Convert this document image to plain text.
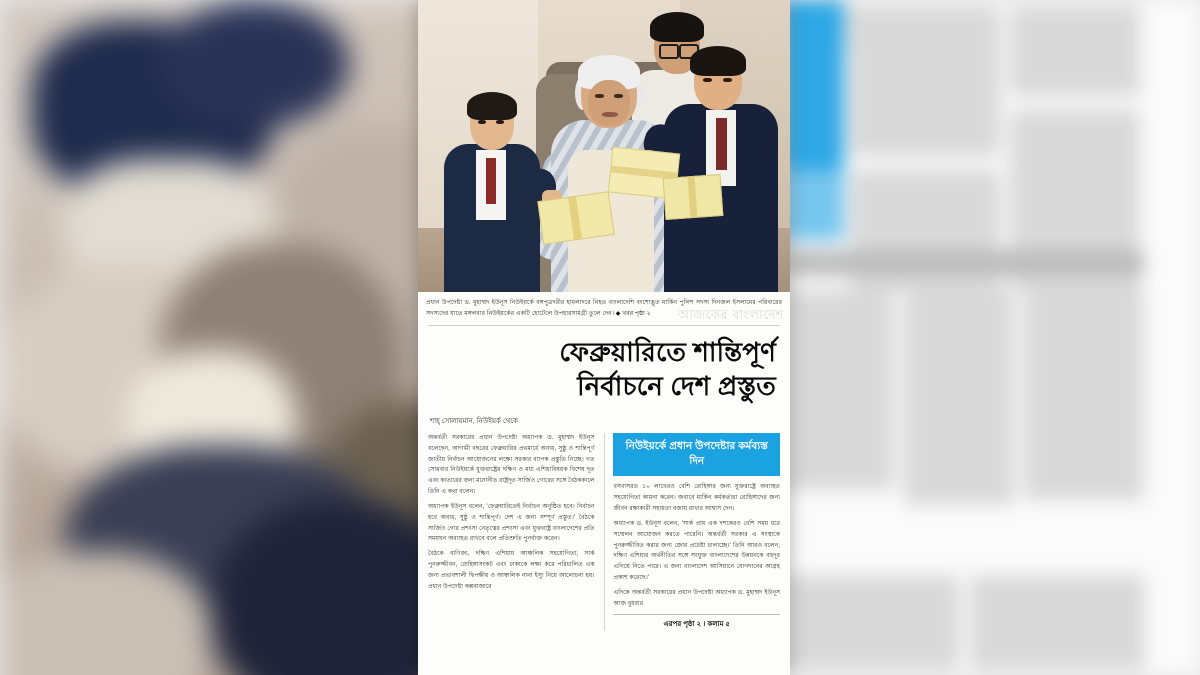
প্রধান উপদেষ্টা ড. মুহাম্মদ ইউনূস নিউইয়র্কে বঙ্গপুত্রদরীর হামলাদরে নিহত বাংলাদেশি বংশোদ্ভূত মার্কিন পুলিশ সদস্য দিনজল ইসলামের পরিবারের সদস্যদের যাতে মঙ্গলবার নিউইয়র্কের একটি হোটেলে উপহারসামগ্রী তুলে দেন। ◆ খবর পৃষ্ঠা ২ আজকের বাংলাদেশ
ফেব্রুয়ারিতে শান্তিপূর্ণ
নির্বাচনে দেশ প্রস্তুত
শাহ্‌ সোলায়মান, নিউইয়র্ক থেকে

অন্তর্বর্তী সরকারের প্রধান উপদেষ্টা অধ্যাপক ড. মুহাম্মদ ইউনূস বলেছেন, আগামী বছরের ফেব্রুয়ারির প্রথমার্ধে অবাধ, সুষ্ঠু ও শান্তিপূর্ণ জাতীয় নির্বাচন আয়োজনের লক্ষ্যে সরকার ব্যাপক প্রস্তুতি নিচ্ছে। গত সোমবার নিউইয়র্কে যুক্তরাষ্ট্রের দক্ষিণ ও মধ্য এশিয়াবিষয়ক বিশেষ দূত এবং কাতারের জন্য মনোনীত রাষ্ট্রদূত সার্জিও গোরের সঙ্গে বৈঠককালে তিনি এ কথা বলেন।

অধ্যাপক ইউনূস বলেন, 'ফেব্রুয়ারিতেই নির্বাচন অনুষ্ঠিত হবে। নির্বাচন হবে অবাধ, সুষ্ঠু ও শান্তিপূর্ণ। দেশ এ জন্য সম্পূর্ণ প্রস্তুত।' বৈঠকে সার্জিও গোর প্রশংসা নেতৃত্বের প্রশংসা এবং যুক্তরাষ্ট্র বাংলাদেশের প্রতি সময়ঘন অব্যাহত রাখবে বলে প্রতিশ্রুতি পুনর্ব্যক্ত করেন।

বৈঠকে বাণিজ্য, দক্ষিণ এশিয়ায় আঞ্চলিক সহযোগিতা, সার্ক পুনরুজ্জীবন, রোহিঙ্গাসংকট এবং ঢাকাকে লক্ষ্য করে পরিচালিত এক জন্য প্রভাবশালী দ্বিপক্ষীয় ও আঞ্চলিক নানা ইস্যু নিয়ে আলোচনা হয়। প্রধান উপদেষ্টা কক্সবাজারে

নিউইয়র্কে প্রধান উপদেষ্টার কর্মব্যস্ত দিন

বসবাসরত ১০ লাখেরও বেশি রোহিঙ্গার জন্য যুক্তরাষ্ট্রে অব্যাহত সহযোগিতা কামনা করেন। জবাবে মার্কিন কর্মকর্তারা রোহিঙ্গাদের জন্য জীবন রক্ষাকারী সহায়তা বজায় রাখার আশ্বাস দেন।

অধ্যাপক ড. ইউনূস বলেন, 'সার্ক প্রায় এক দশকেরও বেশি সময় ধরে সম্মেলন আয়োজন করতে পারেনি। অন্তর্বর্তী সরকার এ সংস্থাকে পুনরুজ্জীবিত করার জন্য জোর প্রচেষ্টা চালাচ্ছে।' তিনি আরও বলেন, দক্ষিণ এশিয়ার অর্থনীতির সঙ্গে সংযুক্ত বাংলাদেশের উন্নয়নকে বহুদূর এগিয়ে নিতে পারে। এ জন্য বাংলাদেশ আসিয়ানে যোগদানের আগ্রহ প্রকাশ করেছে।'

এদিকে অন্তর্বর্তী সরকারের প্রধান উপদেষ্টা অধ্যাপক ড. মুহাম্মদ ইউনূস আজ বুধবার

এরপর পৃষ্ঠা ২ । কলাম ৫
